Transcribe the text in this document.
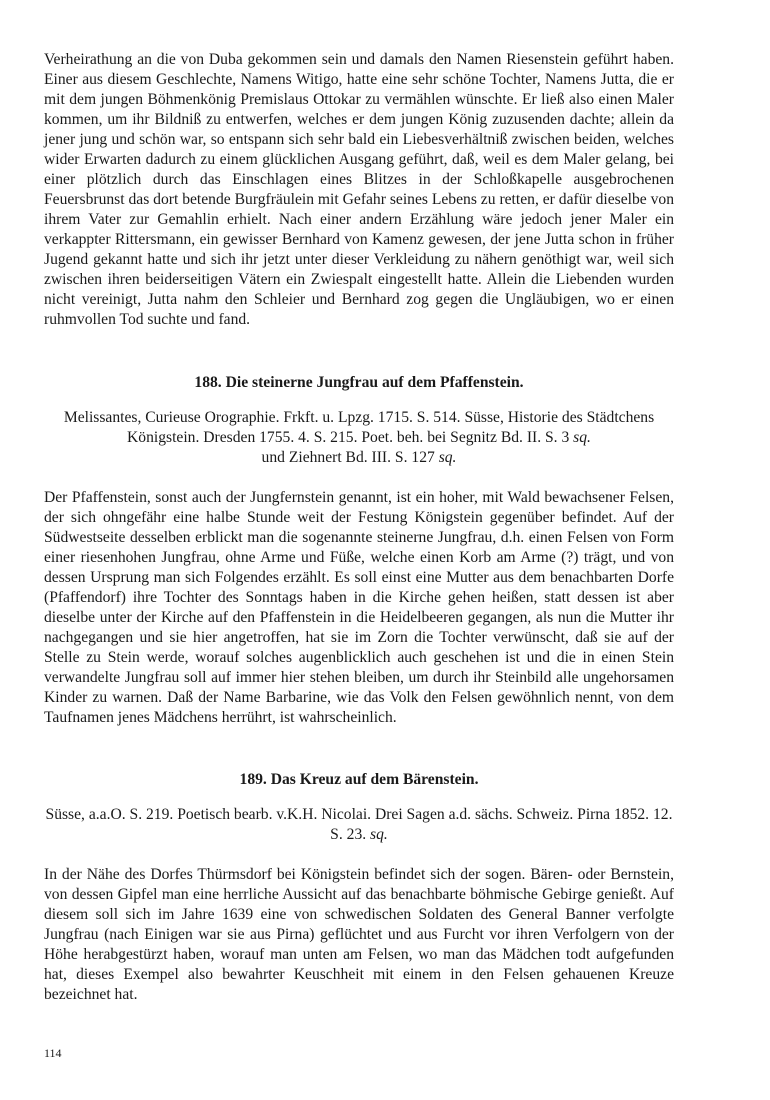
Verheirathung an die von Duba gekommen sein und damals den Namen Riesenstein geführt haben. Einer aus diesem Geschlechte, Namens Witigo, hatte eine sehr schöne Tochter, Namens Jutta, die er mit dem jungen Böhmenkönig Premislaus Ottokar zu vermählen wünschte. Er ließ also einen Maler kommen, um ihr Bildniß zu entwerfen, welches er dem jungen König zuzusenden dachte; allein da jener jung und schön war, so entspann sich sehr bald ein Liebesverhältniß zwischen beiden, welches wider Erwarten dadurch zu einem glücklichen Ausgang geführt, daß, weil es dem Maler gelang, bei einer plötzlich durch das Einschlagen eines Blitzes in der Schloßkapelle ausgebrochenen Feuersbrunst das dort betende Burgfräulein mit Gefahr seines Lebens zu retten, er dafür dieselbe von ihrem Vater zur Gemahlin erhielt. Nach einer andern Erzählung wäre jedoch jener Maler ein verkappter Rittersmann, ein gewisser Bernhard von Kamenz gewesen, der jene Jutta schon in früher Jugend gekannt hatte und sich ihr jetzt unter dieser Verkleidung zu nähern genöthigt war, weil sich zwischen ihren beiderseitigen Vätern ein Zwiespalt eingestellt hatte. Allein die Liebenden wurden nicht vereinigt, Jutta nahm den Schleier und Bernhard zog gegen die Ungläubigen, wo er einen ruhmvollen Tod suchte und fand.

188. Die steinerne Jungfrau auf dem Pfaffenstein.

Melissantes, Curieuse Orographie. Frkft. u. Lpzg. 1715. S. 514. Süsse, Historie des Städtchens Königstein. Dresden 1755. 4. S. 215. Poet. beh. bei Segnitz Bd. II. S. 3 sq.
und Ziehnert Bd. III. S. 127 sq.

Der Pfaffenstein, sonst auch der Jungfernstein genannt, ist ein hoher, mit Wald bewachsener Felsen, der sich ohngefähr eine halbe Stunde weit der Festung Königstein gegenüber befindet. Auf der Südwestseite desselben erblickt man die sogenannte steinerne Jungfrau, d.h. einen Felsen von Form einer riesenhohen Jungfrau, ohne Arme und Füße, welche einen Korb am Arme (?) trägt, und von dessen Ursprung man sich Folgendes erzählt. Es soll einst eine Mutter aus dem benachbarten Dorfe (Pfaffendorf) ihre Tochter des Sonntags haben in die Kirche gehen heißen, statt dessen ist aber dieselbe unter der Kirche auf den Pfaffenstein in die Heidelbeeren gegangen, als nun die Mutter ihr nachgegangen und sie hier angetroffen, hat sie im Zorn die Tochter verwünscht, daß sie auf der Stelle zu Stein werde, worauf solches augenblicklich auch geschehen ist und die in einen Stein verwandelte Jungfrau soll auf immer hier stehen bleiben, um durch ihr Steinbild alle ungehorsamen Kinder zu warnen. Daß der Name Barbarine, wie das Volk den Felsen gewöhnlich nennt, von dem Taufnamen jenes Mädchens herrührt, ist wahrscheinlich.

189. Das Kreuz auf dem Bärenstein.

Süsse, a.a.O. S. 219. Poetisch bearb. v.K.H. Nicolai. Drei Sagen a.d. sächs. Schweiz. Pirna 1852. 12. S. 23. sq.

In der Nähe des Dorfes Thürmsdorf bei Königstein befindet sich der sogen. Bären- oder Bernstein, von dessen Gipfel man eine herrliche Aussicht auf das benachbarte böhmische Gebirge genießt. Auf diesem soll sich im Jahre 1639 eine von schwedischen Soldaten des General Banner verfolgte Jungfrau (nach Einigen war sie aus Pirna) geflüchtet und aus Furcht vor ihren Verfolgern von der Höhe herabgestürzt haben, worauf man unten am Felsen, wo man das Mädchen todt aufgefunden hat, dieses Exempel also bewahrter Keuschheit mit einem in den Felsen gehauenen Kreuze bezeichnet hat.

114
